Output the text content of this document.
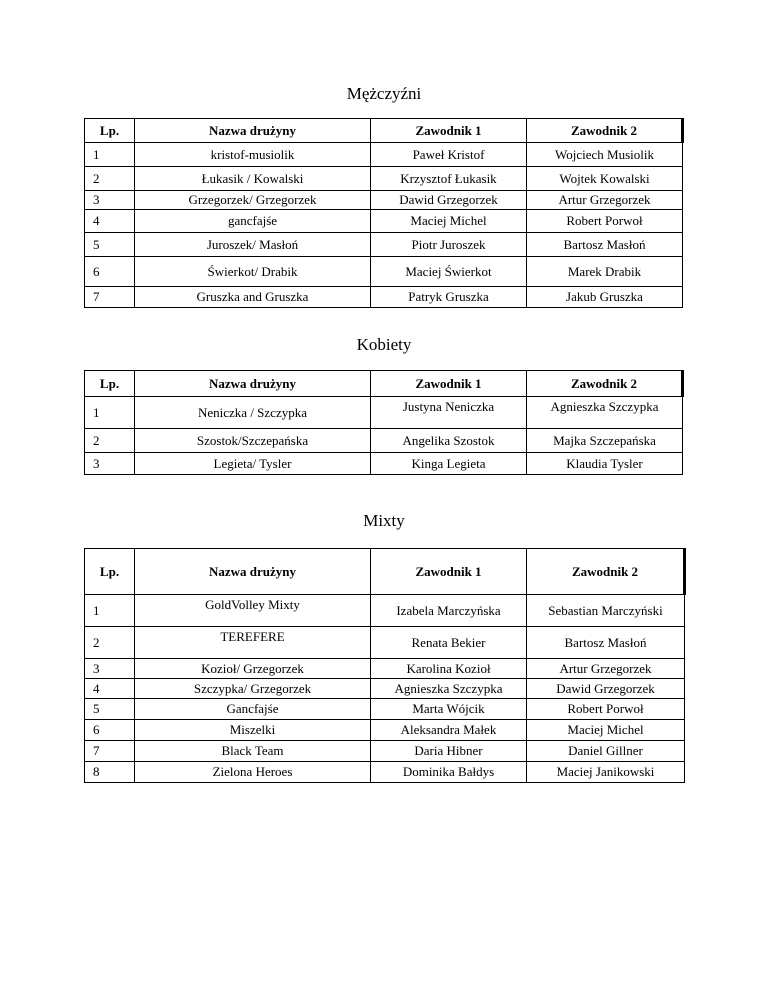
Mężczyźni
Lp.	Nazwa drużyny	Zawodnik 1	Zawodnik 2
1	kristof-musiolik	Paweł Kristof	Wojciech Musiolik
2	Łukasik / Kowalski	Krzysztof Łukasik	Wojtek Kowalski
3	Grzegorzek/ Grzegorzek	Dawid Grzegorzek	Artur Grzegorzek
4	gancfajśe	Maciej Michel	Robert Porwoł
5	Juroszek/ Masłoń	Piotr Juroszek	Bartosz Masłoń
6	Świerkot/ Drabik	Maciej Świerkot	Marek Drabik
7	Gruszka and Gruszka	Patryk Gruszka	Jakub Gruszka
Kobiety
Lp.	Nazwa drużyny	Zawodnik 1	Zawodnik 2
1	Neniczka / Szczypka	Justyna Neniczka	Agnieszka Szczypka
2	Szostok/Szczepańska	Angelika Szostok	Majka Szczepańska
3	Legieta/ Tysler	Kinga Legieta	Klaudia Tysler
Mixty
Lp.	Nazwa drużyny	Zawodnik 1	Zawodnik 2
1	GoldVolley Mixty	Izabela Marczyńska	Sebastian Marczyński
2	TEREFERE	Renata Bekier	Bartosz Masłoń
3	Kozioł/ Grzegorzek	Karolina Kozioł	Artur Grzegorzek
4	Szczypka/ Grzegorzek	Agnieszka Szczypka	Dawid Grzegorzek
5	Gancfajśe	Marta Wójcik	Robert Porwoł
6	Miszelki	Aleksandra Małek	Maciej Michel
7	Black Team	Daria Hibner	Daniel Gillner
8	Zielona Heroes	Dominika Bałdys	Maciej Janikowski
